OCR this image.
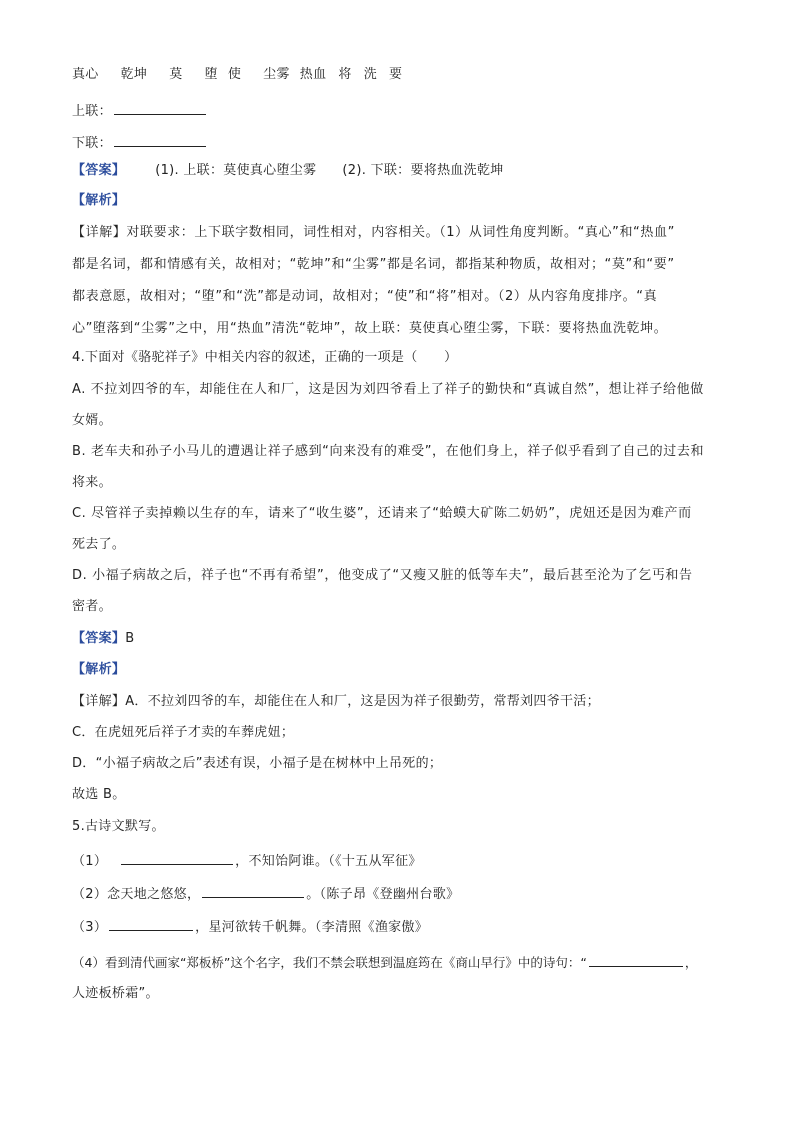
真心 乾坤 莫 堕 使 尘雾 热血 将 洗 要
上联：
下联：
【答案】 (1). 上联：莫使真心堕尘雾 (2). 下联：要将热血洗乾坤
【解析】
【详解】对联要求：上下联字数相同，词性相对，内容相关。（1）从词性角度判断。“真心”和“热血”
都是名词，都和情感有关，故相对；“乾坤”和“尘雾”都是名词，都指某种物质，故相对；“莫”和“要”
都表意愿，故相对；“堕”和“洗”都是动词，故相对；“使”和“将”相对。（2）从内容角度排序。“真
心”堕落到“尘雾”之中，用“热血”清洗“乾坤”，故上联：莫使真心堕尘雾，下联：要将热血洗乾坤。
4.下面对《骆驼祥子》中相关内容的叙述，正确的一项是（　　）
A. 不拉刘四爷的车，却能住在人和厂，这是因为刘四爷看上了祥子的勤快和“真诚自然”，想让祥子给他做
女婿。
B. 老车夫和孙子小马儿的遭遇让祥子感到“向来没有的难受”，在他们身上，祥子似乎看到了自己的过去和
将来。
C. 尽管祥子卖掉赖以生存的车，请来了“收生婆”，还请来了“蛤蟆大矿陈二奶奶”，虎妞还是因为难产而
死去了。
D. 小福子病故之后，祥子也“不再有希望”，他变成了“又瘦又脏的低等车夫”，最后甚至沦为了乞丐和告
密者。
【答案】B
【解析】
【详解】A．不拉刘四爷的车，却能住在人和厂，这是因为祥子很勤劳，常帮刘四爷干活；
C．在虎妞死后祥子才卖的车葬虎妞；
D．“小福子病故之后”表述有误，小福子是在树林中上吊死的；
故选 B。
5.古诗文默写。
（1）	，不知饴阿谁。（《十五从军征》
（2）念天地之悠悠，	。（陈子昂《登幽州台歌》
（3）	，星河欲转千帆舞。（李清照《渔家傲》
（4）看到清代画家“郑板桥”这个名字，我们不禁会联想到温庭筠在《商山早行》中的诗句：“	，
人迹板桥霜”。
